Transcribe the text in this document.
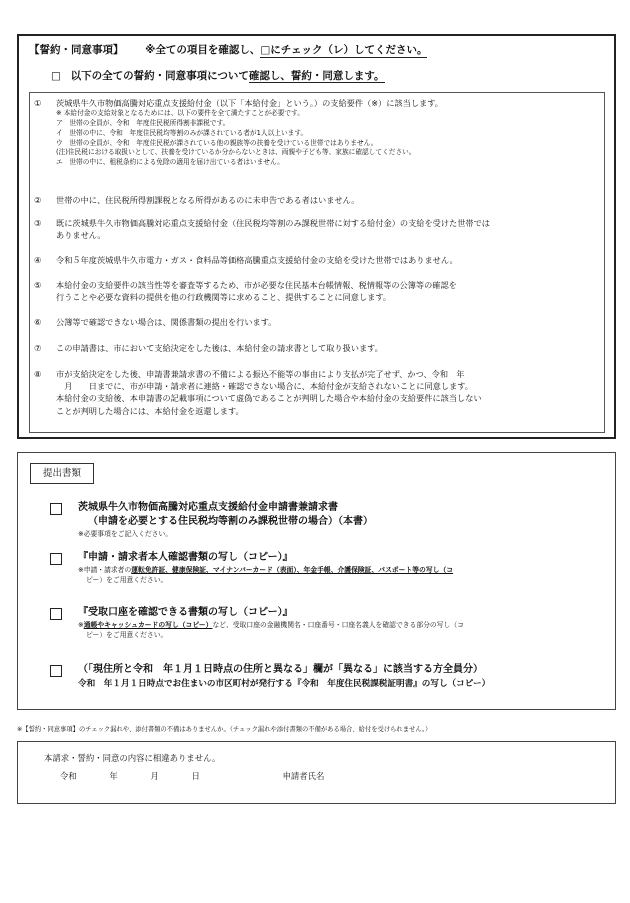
【誓約・同意事項】 ※全ての項目を確認し、□にチェック（レ）してください。
□ 以下の全ての誓約・同意事項について確認し、誓約・同意します。
①	茨城県牛久市物価高騰対応重点支援給付金（以下「本給付金」という。）の支給要件（※）に該当します。
※ 本給付金の支給対象となるためには、以下の要件を全て満たすことが必要です。
ア　世帯の全員が、令和　年度住民税所得割非課税です。
イ　世帯の中に、令和　年度住民税均等割のみが課されている者が1人以上います。
ウ　世帯の全員が、令和　年度住民税が課されている他の親族等の扶養を受けている世帯ではありません。
(注)住民税における取扱いとして、扶養を受けているか分からないときは、両親や子ども等、家族に確認してください。
エ　世帯の中に、租税条約による免除の適用を届け出ている者はいません。
②	世帯の中に、住民税所得割課税となる所得があるのに未申告である者はいません。
③	既に茨城県牛久市物価高騰対応重点支援給付金（住民税均等割のみ課税世帯に対する給付金）の支給を受けた世帯では
ありません。
④	令和５年度茨城県牛久市電力・ガス・食料品等価格高騰重点支援給付金の支給を受けた世帯ではありません。
⑤	本給付金の支給要件の該当性等を審査等するため、市が必要な住民基本台帳情報、税情報等の公簿等の確認を
行うことや必要な資料の提供を他の行政機関等に求めること、提供することに同意します。
⑥	公簿等で確認できない場合は、関係書類の提出を行います。
⑦	この申請書は、市において支給決定をした後は、本給付金の請求書として取り扱います。
⑧	市が支給決定をした後、申請書兼請求書の不備による振込不能等の事由により支払が完了せず、かつ、令和　年
　月　　日までに、市が申請・請求者に連絡・確認できない場合に、本給付金が支給されないことに同意します。
本給付金の支給後、本申請書の記載事項について虚偽であることが判明した場合や本給付金の支給要件に該当しない
ことが判明した場合には、本給付金を返還します。
提出書類
茨城県牛久市物価高騰対応重点支援給付金申請書兼請求書
（申請を必要とする住民税均等割のみ課税世帯の場合）（本書）
※必要事項をご記入ください。
『申請・請求者本人確認書類の写し（コピー）』
※申請・請求者の運転免許証、健康保険証、マイナンバーカード（表面）、年金手帳、介護保険証、パスポート等の写し（コ
ピー）をご用意ください。
『受取口座を確認できる書類の写し（コピー）』
※通帳やキャッシュカードの写し（コピー）など、受取口座の金融機関名・口座番号・口座名義人を確認できる部分の写し（コ
ピー）をご用意ください。
（「現住所と令和　年１月１日時点の住所と異なる」欄が「異なる」に該当する方全員分）
令和　年１月１日時点でお住まいの市区町村が発行する『令和　年度住民税課税証明書』の写し（コピー）
※【誓約・同意事項】のチェック漏れや、添付書類の不備はありませんか。（チェック漏れや添付書類の不備がある場合、給付を受けられません。）
本請求・誓約・同意の内容に相違ありません。
令和	年	月	日	申請者氏名
